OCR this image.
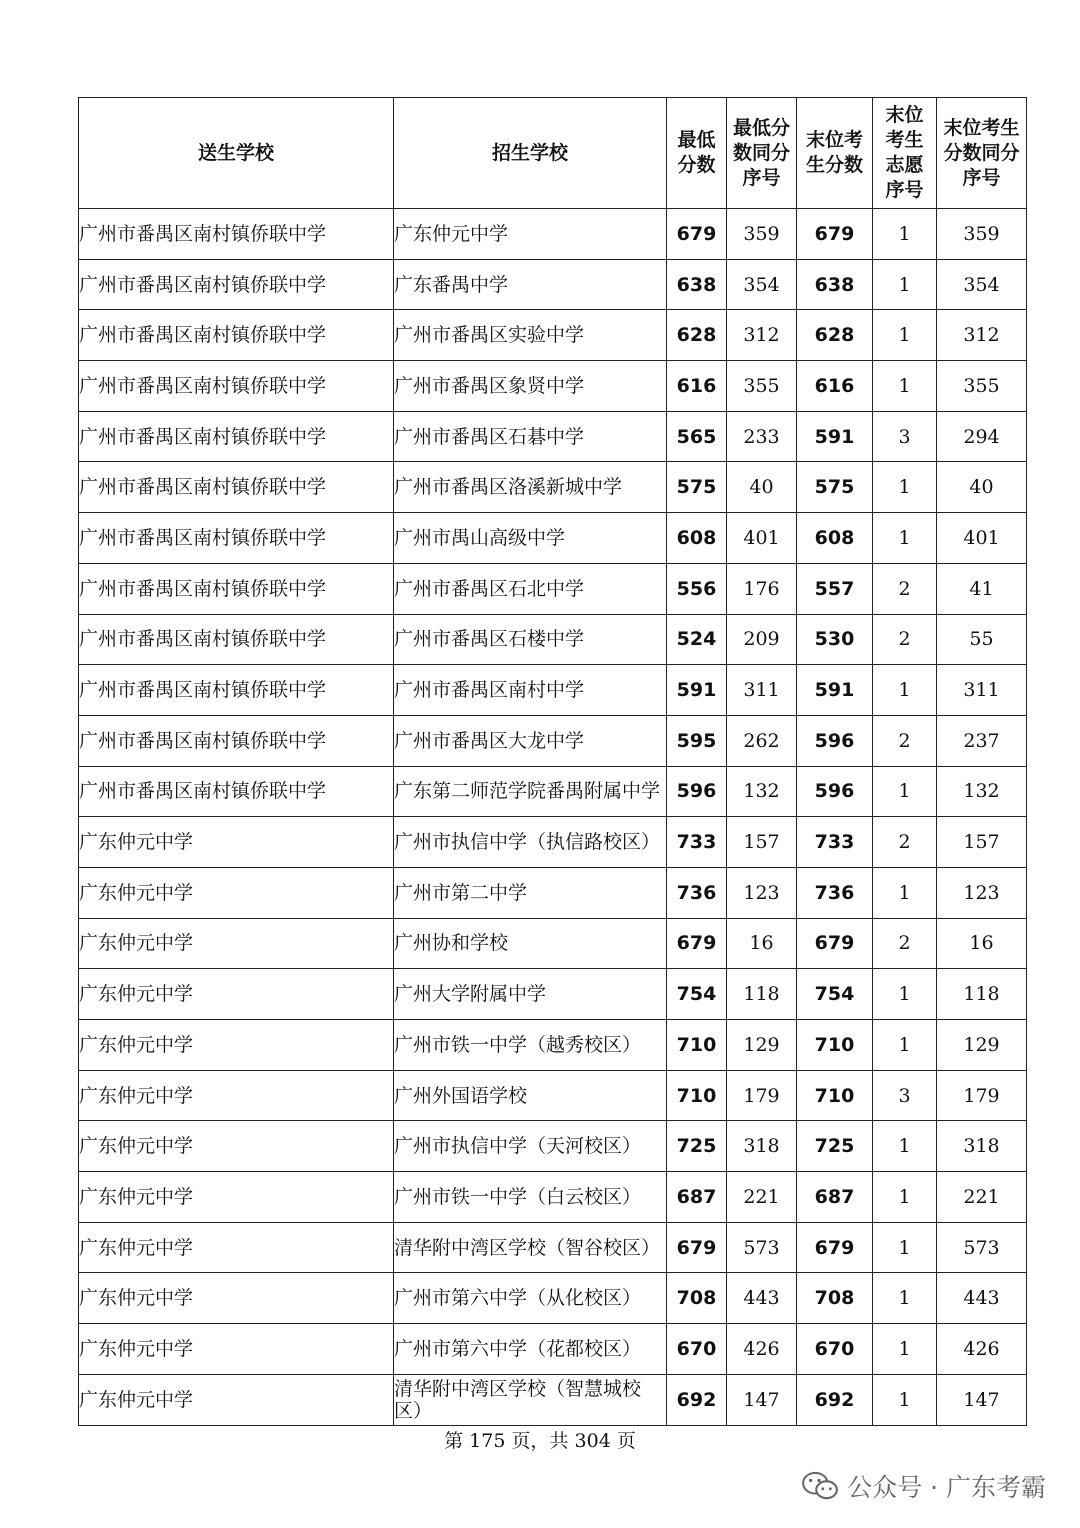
送生学校	招生学校	最低分数	最低分数同分序号	末位考生分数	末位考生志愿序号	末位考生分数同分序号
广州市番禺区南村镇侨联中学	广东仲元中学	679	359	679	1	359
广州市番禺区南村镇侨联中学	广东番禺中学	638	354	638	1	354
广州市番禺区南村镇侨联中学	广州市番禺区实验中学	628	312	628	1	312
广州市番禺区南村镇侨联中学	广州市番禺区象贤中学	616	355	616	1	355
广州市番禺区南村镇侨联中学	广州市番禺区石碁中学	565	233	591	3	294
广州市番禺区南村镇侨联中学	广州市番禺区洛溪新城中学	575	40	575	1	40
广州市番禺区南村镇侨联中学	广州市禺山高级中学	608	401	608	1	401
广州市番禺区南村镇侨联中学	广州市番禺区石北中学	556	176	557	2	41
广州市番禺区南村镇侨联中学	广州市番禺区石楼中学	524	209	530	2	55
广州市番禺区南村镇侨联中学	广州市番禺区南村中学	591	311	591	1	311
广州市番禺区南村镇侨联中学	广州市番禺区大龙中学	595	262	596	2	237
广州市番禺区南村镇侨联中学	广东第二师范学院番禺附属中学	596	132	596	1	132
广东仲元中学	广州市执信中学（执信路校区）	733	157	733	2	157
广东仲元中学	广州市第二中学	736	123	736	1	123
广东仲元中学	广州协和学校	679	16	679	2	16
广东仲元中学	广州大学附属中学	754	118	754	1	118
广东仲元中学	广州市铁一中学（越秀校区）	710	129	710	1	129
广东仲元中学	广州外国语学校	710	179	710	3	179
广东仲元中学	广州市执信中学（天河校区）	725	318	725	1	318
广东仲元中学	广州市铁一中学（白云校区）	687	221	687	1	221
广东仲元中学	清华附中湾区学校（智谷校区）	679	573	679	1	573
广东仲元中学	广州市第六中学（从化校区）	708	443	708	1	443
广东仲元中学	广州市第六中学（花都校区）	670	426	670	1	426
广东仲元中学	清华附中湾区学校（智慧城校区）	692	147	692	1	147
第 175 页，共 304 页
公众号 · 广东考霸
